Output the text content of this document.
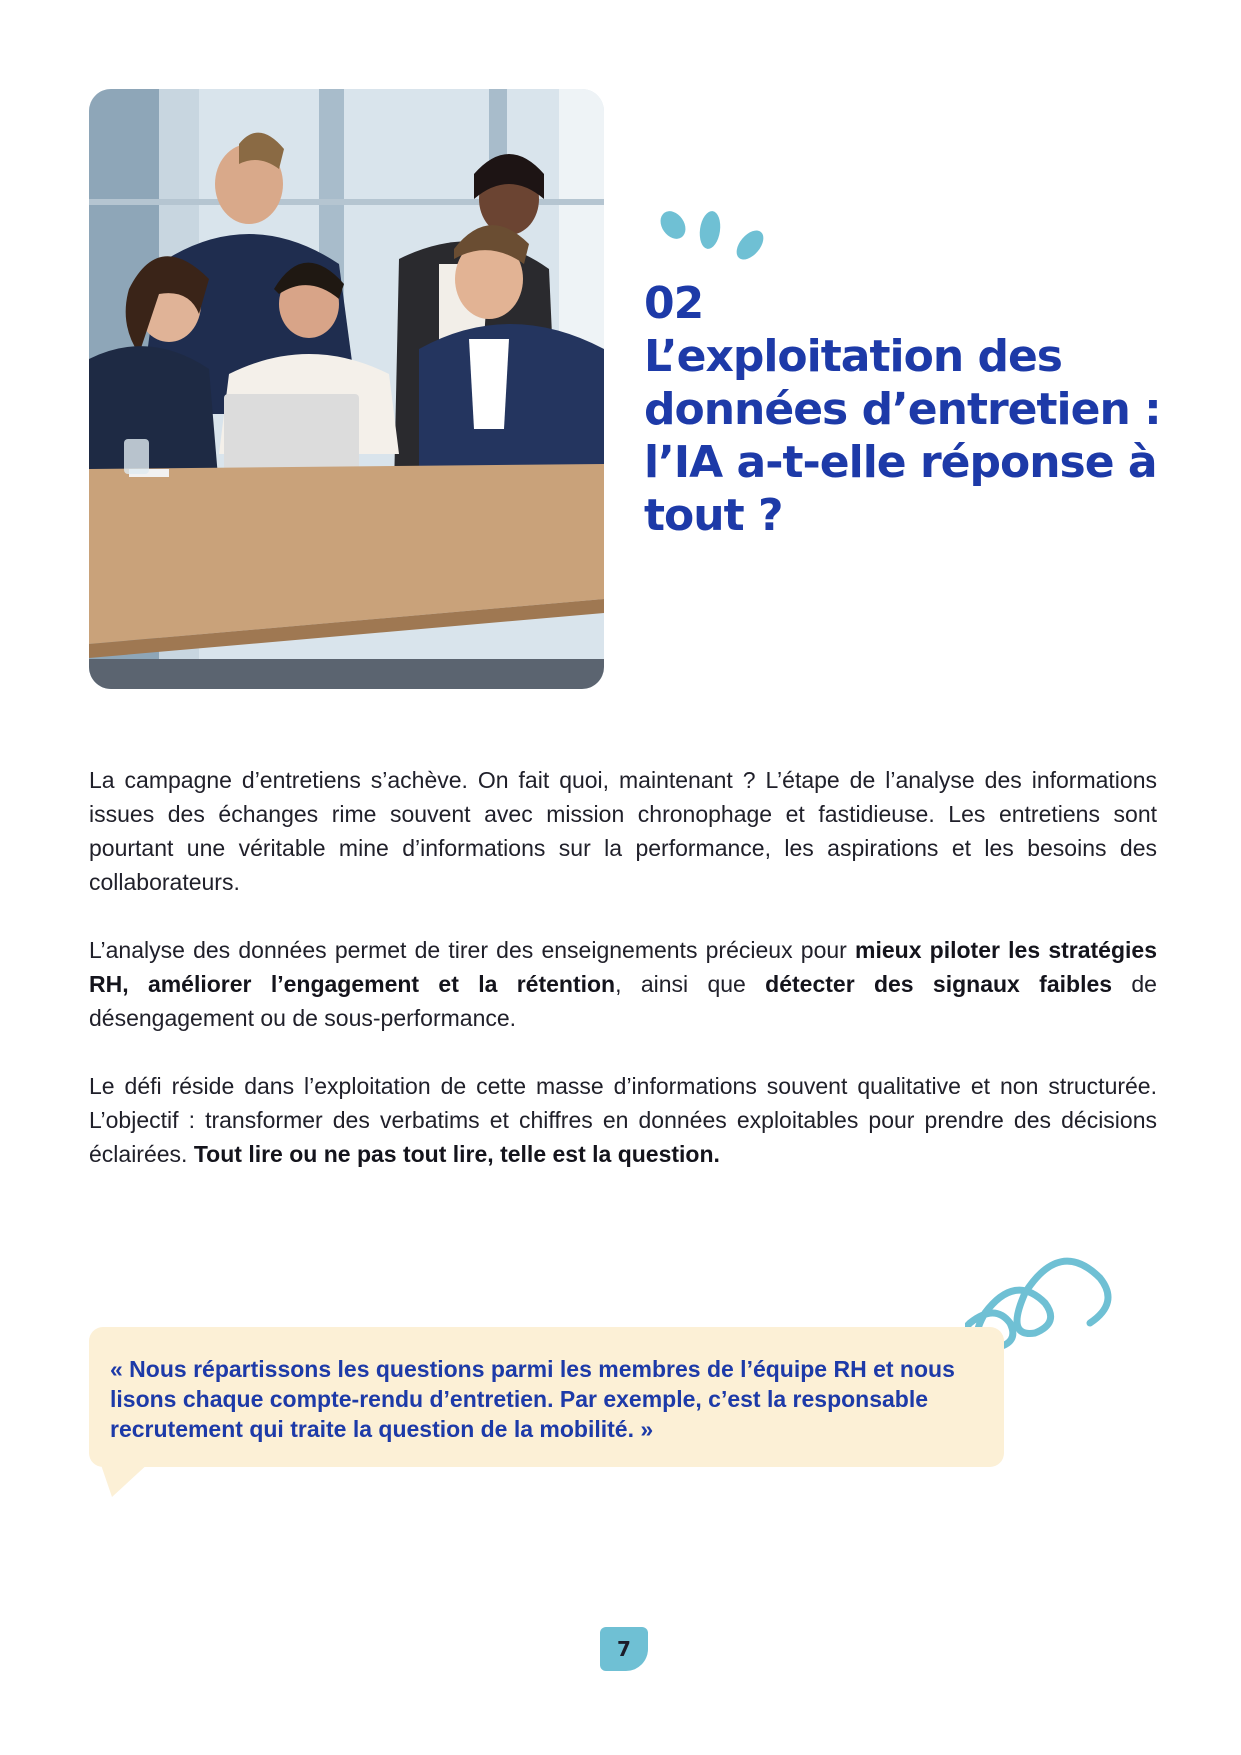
02
L’exploitation des données d’entretien : l’IA a-t-elle réponse à tout ?

La campagne d’entretiens s’achève. On fait quoi, maintenant ? L’étape de l’analyse des informations issues des échanges rime souvent avec mission chronophage et fastidieuse. Les entretiens sont pourtant une véritable mine d’informations sur la performance, les aspirations et les besoins des collaborateurs.

L’analyse des données permet de tirer des enseignements précieux pour mieux piloter les stratégies RH, améliorer l’engagement et la rétention, ainsi que détecter des signaux faibles de désengagement ou de sous-performance.

Le défi réside dans l’exploitation de cette masse d’informations souvent qualitative et non structurée. L’objectif : transformer des verbatims et chiffres en données exploitables pour prendre des décisions éclairées. Tout lire ou ne pas tout lire, telle est la question.

« Nous répartissons les questions parmi les membres de l’équipe RH et nous lisons chaque compte-rendu d’entretien. Par exemple, c’est la responsable recrutement qui traite la question de la mobilité. »

7
